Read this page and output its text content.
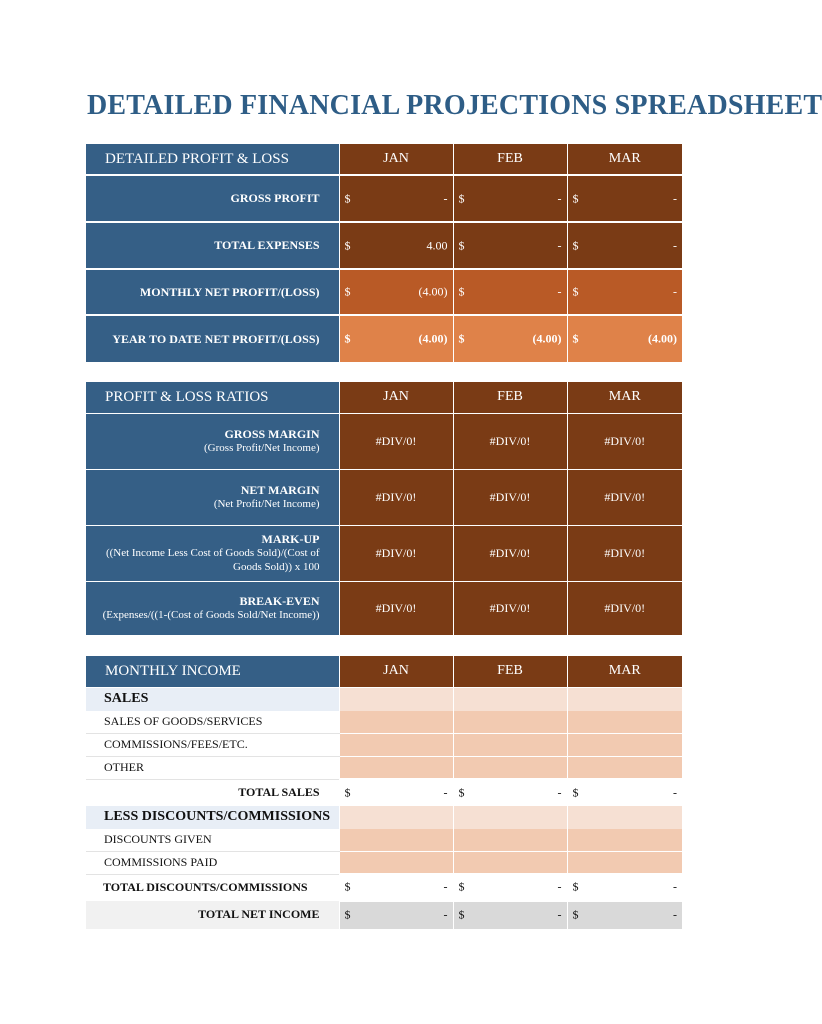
DETAILED FINANCIAL PROJECTIONS SPREADSHEET
DETAILED PROFIT & LOSS	JAN	FEB	MAR
GROSS PROFIT	$ -	$ -	$ -

TOTAL EXPENSES	$ 4.00	$ -	$ -

MONTHLY NET PROFIT/(LOSS)	$ (4.00)	$ -	$ -

YEAR TO DATE NET PROFIT/(LOSS)	$ (4.00)	$ (4.00)	$ (4.00)
PROFIT & LOSS RATIOS	JAN	FEB	MAR

GROSS MARGIN
(Gross Profit/Net Income)	#DIV/0!	#DIV/0!	#DIV/0!

NET MARGIN
(Net Profit/Net Income)	#DIV/0!	#DIV/0!	#DIV/0!

MARK-UP
((Net Income Less Cost of Goods Sold)/(Cost of Goods Sold)) x 100	#DIV/0!	#DIV/0!	#DIV/0!

BREAK-EVEN
(Expenses/((1-(Cost of Goods Sold/Net Income))	#DIV/0!	#DIV/0!	#DIV/0!
MONTHLY INCOME	JAN	FEB	MAR
SALES			
SALES OF GOODS/SERVICES			
COMMISSIONS/FEES/ETC.			
OTHER			
TOTAL SALES	$ -	$ -	$ -

LESS DISCOUNTS/COMMISSIONS			
DISCOUNTS GIVEN			
COMMISSIONS PAID			
TOTAL DISCOUNTS/COMMISSIONS	$ -	$ -	$ -

TOTAL NET INCOME	$ -	$ -	$ -
